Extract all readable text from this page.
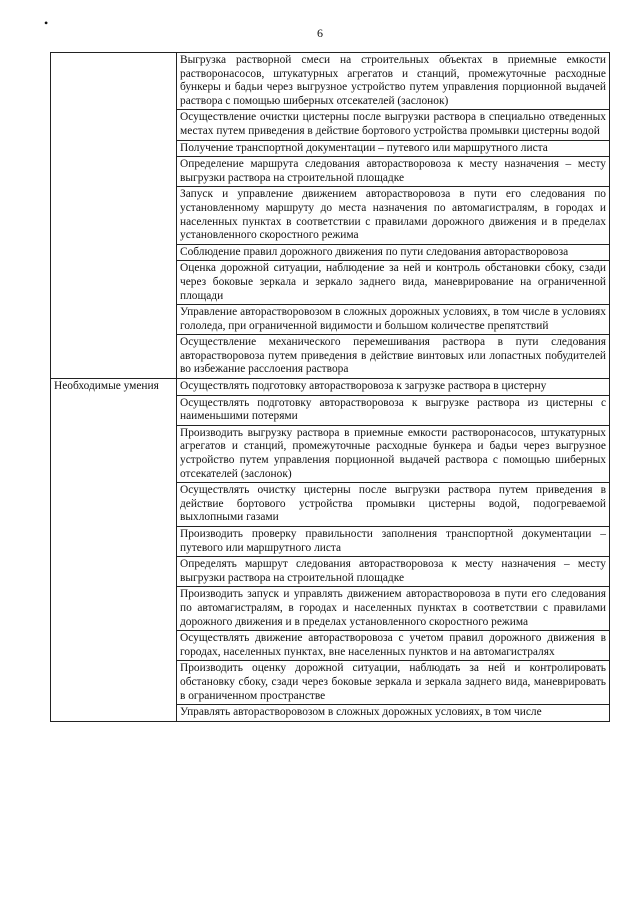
•
6

	Выгрузка растворной смеси на строительных объектах в приемные емкости растворонасосов, штукатурных агрегатов и станций, промежуточные расходные бункеры и бадьи через выгрузное устройство путем управления порционной выдачей раствора с помощью шиберных отсекателей (заслонок)

	Осуществление очистки цистерны после выгрузки раствора в специально отведенных местах путем приведения в действие бортового устройства промывки цистерны водой

	Получение транспортной документации – путевого или маршрутного листа

	Определение маршрута следования авторастворовоза к месту назначения – месту выгрузки раствора на строительной площадке

	Запуск и управление движением авторастворовоза в пути его следования по установленному маршруту до места назначения по автомагистралям, в городах и населенных пунктах в соответствии с правилами дорожного движения и в пределах установленного скоростного режима

	Соблюдение правил дорожного движения по пути следования авторастворовоза

	Оценка дорожной ситуации, наблюдение за ней и контроль обстановки сбоку, сзади через боковые зеркала и зеркало заднего вида, маневрирование на ограниченной площади

	Управление авторастворовозом в сложных дорожных условиях, в том числе в условиях гололеда, при ограниченной видимости и большом количестве препятствий

	Осуществление механического перемешивания раствора в пути следования авторастворовоза путем приведения в действие винтовых или лопастных побудителей во избежание расслоения раствора

Необходимые умения	Осуществлять подготовку авторастворовоза к загрузке раствора в цистерну

	Осуществлять подготовку авторастворовоза к выгрузке раствора из цистерны с наименьшими потерями

	Производить выгрузку раствора в приемные емкости растворонасосов, штукатурных агрегатов и станций, промежуточные расходные бункера и бадьи через выгрузное устройство путем управления порционной выдачей раствора с помощью шиберных отсекателей (заслонок)

	Осуществлять очистку цистерны после выгрузки раствора путем приведения в действие бортового устройства промывки цистерны водой, подогреваемой выхлопными газами

	Производить проверку правильности заполнения транспортной документации – путевого или маршрутного листа

	Определять маршрут следования авторастворовоза к месту назначения – месту выгрузки раствора на строительной площадке

	Производить запуск и управлять движением авторастворовоза в пути его следования по автомагистралям, в городах и населенных пунктах в соответствии с правилами дорожного движения и в пределах установленного скоростного режима

	Осуществлять движение авторастворовоза с учетом правил дорожного движения в городах, населенных пунктах, вне населенных пунктов и на автомагистралях

	Производить оценку дорожной ситуации, наблюдать за ней и контролировать обстановку сбоку, сзади через боковые зеркала и зеркала заднего вида, маневрировать в ограниченном пространстве

	Управлять авторастворовозом в сложных дорожных условиях, в том числе
